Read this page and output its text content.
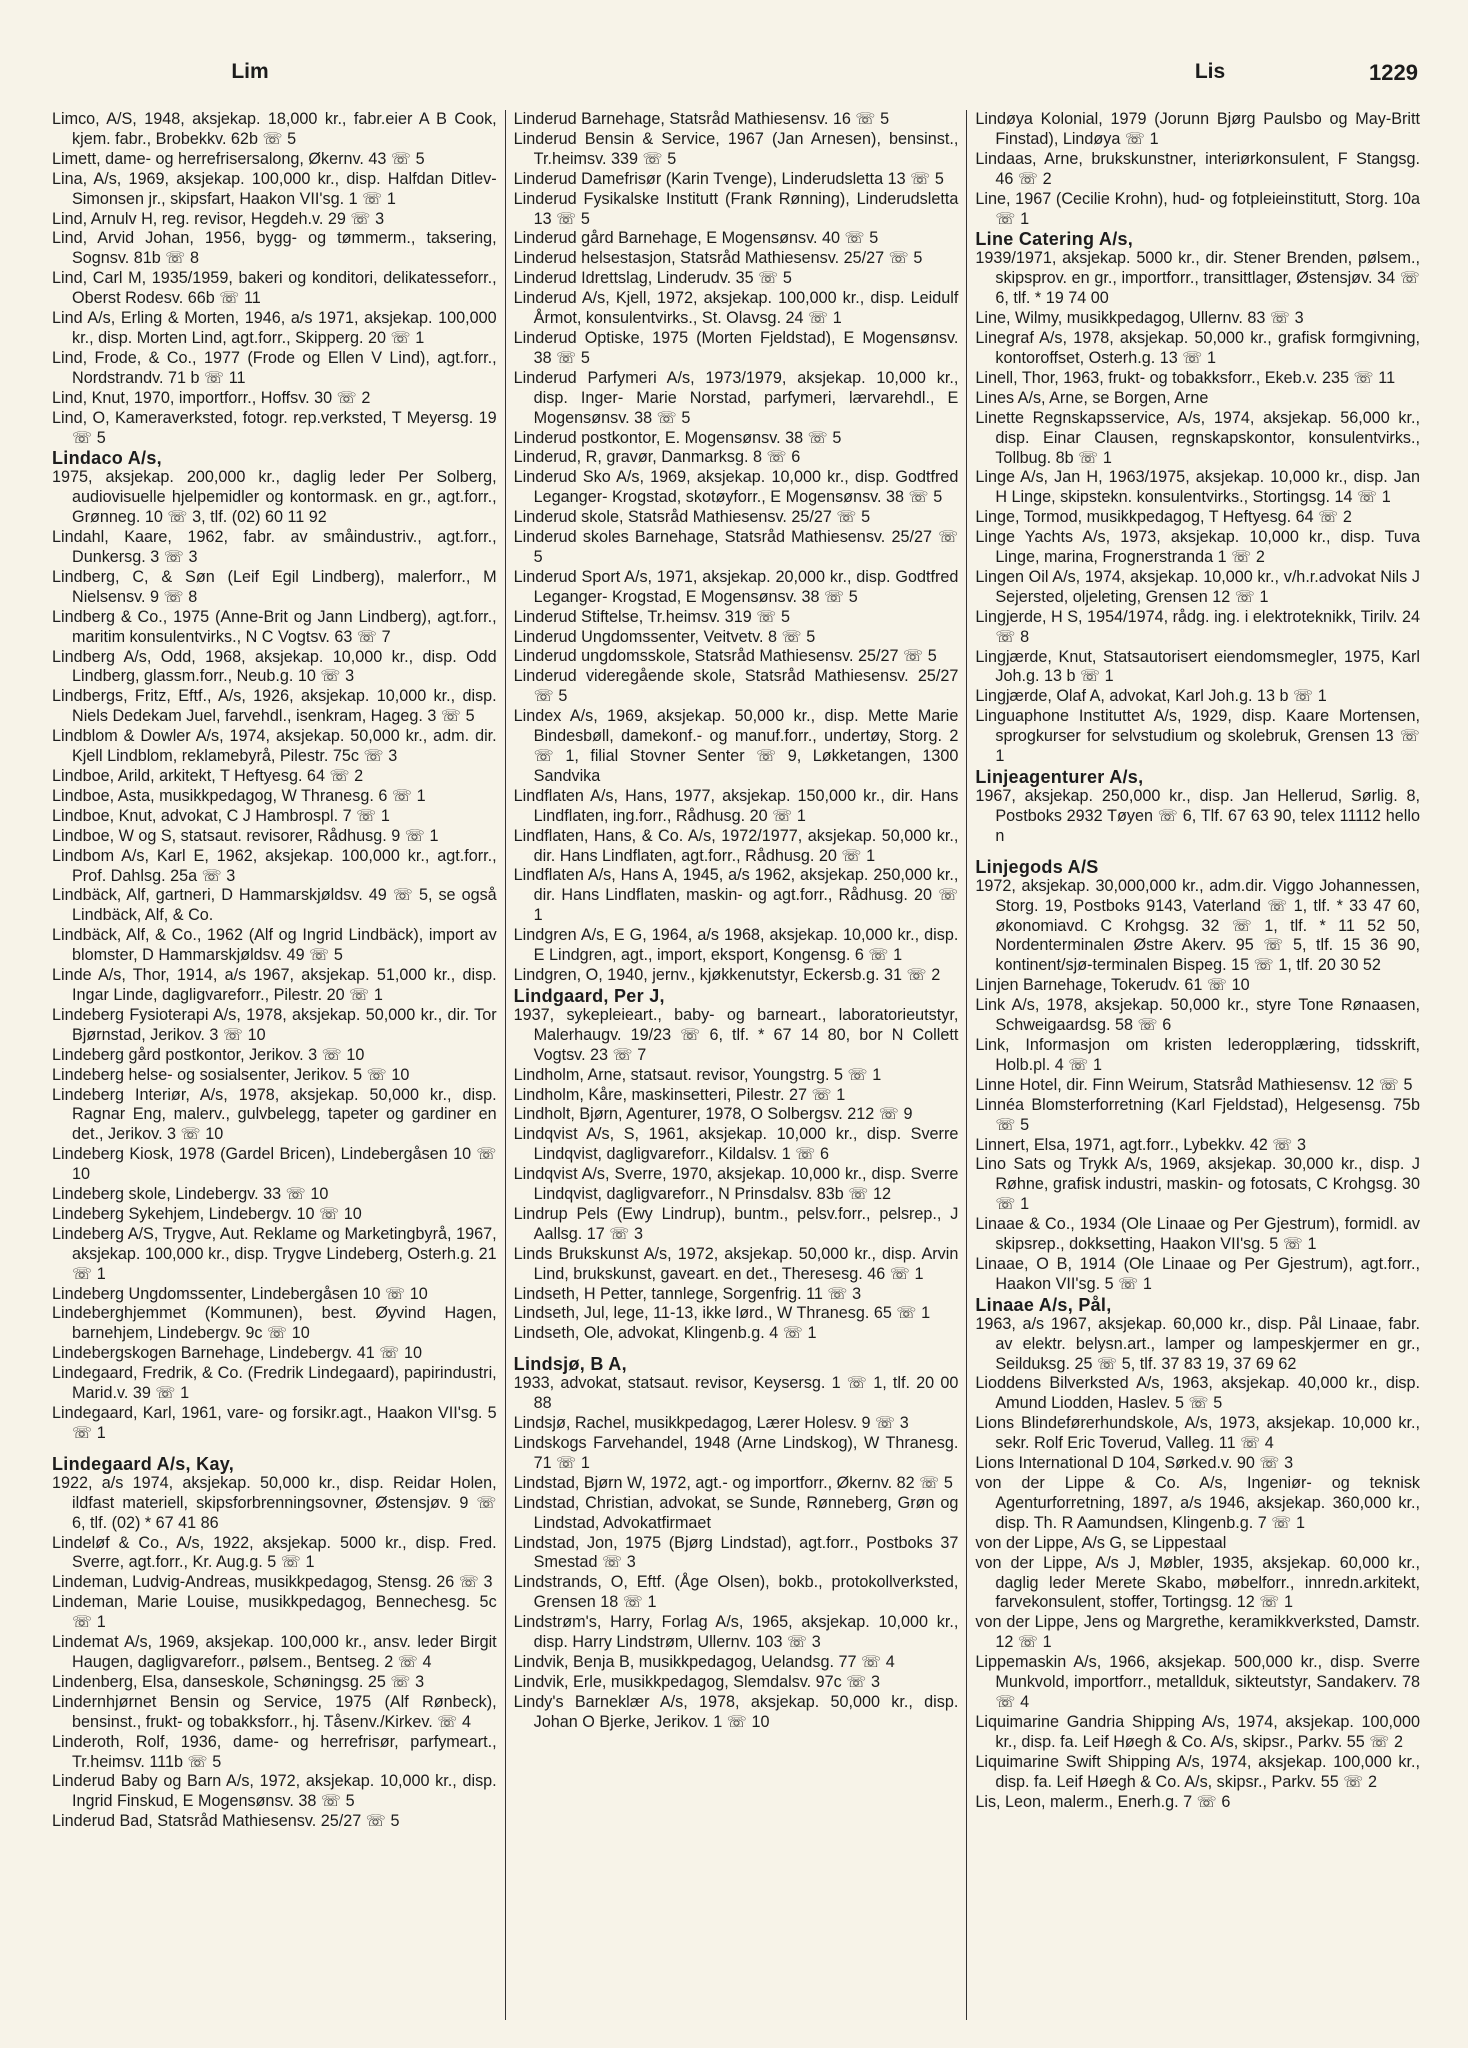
Lim	Lis	1229
Limco, A/S, 1948, aksjekap. 18,000 kr., fabr.eier A B Cook, kjem. fabr., Brobekkv. 62b ☏ 5
Limett, dame- og herrefrisersalong, Økernv. 43 ☏ 5
Lina, A/s, 1969, aksjekap. 100,000 kr., disp. Halfdan Ditlev-Simonsen jr., skipsfart, Haakon VII'sg. 1 ☏ 1
Lind, Arnulv H, reg. revisor, Hegdeh.v. 29 ☏ 3
Lind, Arvid Johan, 1956, bygg- og tømmerm., taksering, Sognsv. 81b ☏ 8
Lind, Carl M, 1935/1959, bakeri og konditori, delikatesseforr., Oberst Rodesv. 66b ☏ 11
Lind A/s, Erling & Morten, 1946, a/s 1971, aksjekap. 100,000 kr., disp. Morten Lind, agt.forr., Skipperg. 20 ☏ 1
Lind, Frode, & Co., 1977 (Frode og Ellen V Lind), agt.forr., Nordstrandv. 71 b ☏ 11
Lind, Knut, 1970, importforr., Hoffsv. 30 ☏ 2
Lind, O, Kameraverksted, fotogr. rep.verksted, T Meyersg. 19 ☏ 5
Lindaco A/s,
1975, aksjekap. 200,000 kr., daglig leder Per Solberg, audiovisuelle hjelpemidler og kontormask. en gr., agt.forr., Grønneg. 10 ☏ 3, tlf. (02) 60 11 92
Lindahl, Kaare, 1962, fabr. av småindustriv., agt.forr., Dunkersg. 3 ☏ 3
Lindberg, C, & Søn (Leif Egil Lindberg), malerforr., M Nielsensv. 9 ☏ 8
Lindberg & Co., 1975 (Anne-Brit og Jann Lindberg), agt.forr., maritim konsulentvirks., N C Vogtsv. 63 ☏ 7
Lindberg A/s, Odd, 1968, aksjekap. 10,000 kr., disp. Odd Lindberg, glassm.forr., Neub.g. 10 ☏ 3
Lindbergs, Fritz, Eftf., A/s, 1926, aksjekap. 10,000 kr., disp. Niels Dedekam Juel, farvehdl., isenkram, Hageg. 3 ☏ 5
Lindblom & Dowler A/s, 1974, aksjekap. 50,000 kr., adm. dir. Kjell Lindblom, reklamebyrå, Pilestr. 75c ☏ 3
Lindboe, Arild, arkitekt, T Heftyesg. 64 ☏ 2
Lindboe, Asta, musikkpedagog, W Thranesg. 6 ☏ 1
Lindboe, Knut, advokat, C J Hambrospl. 7 ☏ 1
Lindboe, W og S, statsaut. revisorer, Rådhusg. 9 ☏ 1
Lindbom A/s, Karl E, 1962, aksjekap. 100,000 kr., agt.forr., Prof. Dahlsg. 25a ☏ 3
Lindbäck, Alf, gartneri, D Hammarskjøldsv. 49 ☏ 5, se også Lindbäck, Alf, & Co.
Lindbäck, Alf, & Co., 1962 (Alf og Ingrid Lindbäck), import av blomster, D Hammarskjøldsv. 49 ☏ 5
Linde A/s, Thor, 1914, a/s 1967, aksjekap. 51,000 kr., disp. Ingar Linde, dagligvareforr., Pilestr. 20 ☏ 1
Lindeberg Fysioterapi A/s, 1978, aksjekap. 50,000 kr., dir. Tor Bjørnstad, Jerikov. 3 ☏ 10
Lindeberg gård postkontor, Jerikov. 3 ☏ 10
Lindeberg helse- og sosialsenter, Jerikov. 5 ☏ 10
Lindeberg Interiør, A/s, 1978, aksjekap. 50,000 kr., disp. Ragnar Eng, malerv., gulvbelegg, tapeter og gardiner en det., Jerikov. 3 ☏ 10
Lindeberg Kiosk, 1978 (Gardel Bricen), Lindebergåsen 10 ☏ 10
Lindeberg skole, Lindebergv. 33 ☏ 10
Lindeberg Sykehjem, Lindebergv. 10 ☏ 10
Lindeberg A/S, Trygve, Aut. Reklame og Marketingbyrå, 1967, aksjekap. 100,000 kr., disp. Trygve Lindeberg, Osterh.g. 21 ☏ 1
Lindeberg Ungdomssenter, Lindebergåsen 10 ☏ 10
Lindeberghjemmet (Kommunen), best. Øyvind Hagen, barnehjem, Lindebergv. 9c ☏ 10
Lindebergskogen Barnehage, Lindebergv. 41 ☏ 10
Lindegaard, Fredrik, & Co. (Fredrik Lindegaard), papirindustri, Marid.v. 39 ☏ 1
Lindegaard, Karl, 1961, vare- og forsikr.agt., Haakon VII'sg. 5 ☏ 1
Lindegaard A/s, Kay,
1922, a/s 1974, aksjekap. 50,000 kr., disp. Reidar Holen, ildfast materiell, skipsforbrenningsovner, Østensjøv. 9 ☏ 6, tlf. (02) * 67 41 86
Lindeløf & Co., A/s, 1922, aksjekap. 5000 kr., disp. Fred. Sverre, agt.forr., Kr. Aug.g. 5 ☏ 1
Lindeman, Ludvig-Andreas, musikkpedagog, Stensg. 26 ☏ 3
Lindeman, Marie Louise, musikkpedagog, Bennechesg. 5c ☏ 1
Lindemat A/s, 1969, aksjekap. 100,000 kr., ansv. leder Birgit Haugen, dagligvareforr., pølsem., Bentseg. 2 ☏ 4
Lindenberg, Elsa, danseskole, Schøningsg. 25 ☏ 3
Lindernhjørnet Bensin og Service, 1975 (Alf Rønbeck), bensinst., frukt- og tobakksforr., hj. Tåsenv./Kirkev. ☏ 4
Linderoth, Rolf, 1936, dame- og herrefrisør, parfymeart., Tr.heimsv. 111b ☏ 5
Linderud Baby og Barn A/s, 1972, aksjekap. 10,000 kr., disp. Ingrid Finskud, E Mogensønsv. 38 ☏ 5
Linderud Bad, Statsråd Mathiesensv. 25/27 ☏ 5
Linderud Barnehage, Statsråd Mathiesensv. 16 ☏ 5
Linderud Bensin & Service, 1967 (Jan Arnesen), bensinst., Tr.heimsv. 339 ☏ 5
Linderud Damefrisør (Karin Tvenge), Linderudsletta 13 ☏ 5
Linderud Fysikalske Institutt (Frank Rønning), Linderudsletta 13 ☏ 5
Linderud gård Barnehage, E Mogensønsv. 40 ☏ 5
Linderud helsestasjon, Statsråd Mathiesensv. 25/27 ☏ 5
Linderud Idrettslag, Linderudv. 35 ☏ 5
Linderud A/s, Kjell, 1972, aksjekap. 100,000 kr., disp. Leidulf Årmot, konsulentvirks., St. Olavsg. 24 ☏ 1
Linderud Optiske, 1975 (Morten Fjeldstad), E Mogensønsv. 38 ☏ 5
Linderud Parfymeri A/s, 1973/1979, aksjekap. 10,000 kr., disp. Inger- Marie Norstad, parfymeri, lærvarehdl., E Mogensønsv. 38 ☏ 5
Linderud postkontor, E. Mogensønsv. 38 ☏ 5
Linderud, R, gravør, Danmarksg. 8 ☏ 6
Linderud Sko A/s, 1969, aksjekap. 10,000 kr., disp. Godtfred Leganger- Krogstad, skotøyforr., E Mogensønsv. 38 ☏ 5
Linderud skole, Statsråd Mathiesensv. 25/27 ☏ 5
Linderud skoles Barnehage, Statsråd Mathiesensv. 25/27 ☏ 5
Linderud Sport A/s, 1971, aksjekap. 20,000 kr., disp. Godtfred Leganger- Krogstad, E Mogensønsv. 38 ☏ 5
Linderud Stiftelse, Tr.heimsv. 319 ☏ 5
Linderud Ungdomssenter, Veitvetv. 8 ☏ 5
Linderud ungdomsskole, Statsråd Mathiesensv. 25/27 ☏ 5
Linderud videregående skole, Statsråd Mathiesensv. 25/27 ☏ 5
Lindex A/s, 1969, aksjekap. 50,000 kr., disp. Mette Marie Bindesbøll, damekonf.- og manuf.forr., undertøy, Storg. 2 ☏ 1, filial Stovner Senter ☏ 9, Løkketangen, 1300 Sandvika
Lindflaten A/s, Hans, 1977, aksjekap. 150,000 kr., dir. Hans Lindflaten, ing.forr., Rådhusg. 20 ☏ 1
Lindflaten, Hans, & Co. A/s, 1972/1977, aksjekap. 50,000 kr., dir. Hans Lindflaten, agt.forr., Rådhusg. 20 ☏ 1
Lindflaten A/s, Hans A, 1945, a/s 1962, aksjekap. 250,000 kr., dir. Hans Lindflaten, maskin- og agt.forr., Rådhusg. 20 ☏ 1
Lindgren A/s, E G, 1964, a/s 1968, aksjekap. 10,000 kr., disp. E Lindgren, agt., import, eksport, Kongensg. 6 ☏ 1
Lindgren, O, 1940, jernv., kjøkkenutstyr, Eckersb.g. 31 ☏ 2
Lindgaard, Per J,
1937, sykepleieart., baby- og barneart., laboratorieutstyr, Malerhaugv. 19/23 ☏ 6, tlf. * 67 14 80, bor N Collett Vogtsv. 23 ☏ 7
Lindholm, Arne, statsaut. revisor, Youngstrg. 5 ☏ 1
Lindholm, Kåre, maskinsetteri, Pilestr. 27 ☏ 1
Lindholt, Bjørn, Agenturer, 1978, O Solbergsv. 212 ☏ 9
Lindqvist A/s, S, 1961, aksjekap. 10,000 kr., disp. Sverre Lindqvist, dagligvareforr., Kildalsv. 1 ☏ 6
Lindqvist A/s, Sverre, 1970, aksjekap. 10,000 kr., disp. Sverre Lindqvist, dagligvareforr., N Prinsdalsv. 83b ☏ 12
Lindrup Pels (Ewy Lindrup), buntm., pelsv.forr., pelsrep., J Aallsg. 17 ☏ 3
Linds Brukskunst A/s, 1972, aksjekap. 50,000 kr., disp. Arvin Lind, brukskunst, gaveart. en det., Theresesg. 46 ☏ 1
Lindseth, H Petter, tannlege, Sorgenfrig. 11 ☏ 3
Lindseth, Jul, lege, 11-13, ikke lørd., W Thranesg. 65 ☏ 1
Lindseth, Ole, advokat, Klingenb.g. 4 ☏ 1
Lindsjø, B A,
1933, advokat, statsaut. revisor, Keysersg. 1 ☏ 1, tlf. 20 00 88
Lindsjø, Rachel, musikkpedagog, Lærer Holesv. 9 ☏ 3
Lindskogs Farvehandel, 1948 (Arne Lindskog), W Thranesg. 71 ☏ 1
Lindstad, Bjørn W, 1972, agt.- og importforr., Økernv. 82 ☏ 5
Lindstad, Christian, advokat, se Sunde, Rønneberg, Grøn og Lindstad, Advokatfirmaet
Lindstad, Jon, 1975 (Bjørg Lindstad), agt.forr., Postboks 37 Smestad ☏ 3
Lindstrands, O, Eftf. (Åge Olsen), bokb., protokollverksted, Grensen 18 ☏ 1
Lindstrøm's, Harry, Forlag A/s, 1965, aksjekap. 10,000 kr., disp. Harry Lindstrøm, Ullernv. 103 ☏ 3
Lindvik, Benja B, musikkpedagog, Uelandsg. 77 ☏ 4
Lindvik, Erle, musikkpedagog, Slemdalsv. 97c ☏ 3
Lindy's Barneklær A/s, 1978, aksjekap. 50,000 kr., disp. Johan O Bjerke, Jerikov. 1 ☏ 10
Lindøya Kolonial, 1979 (Jorunn Bjørg Paulsbo og May-Britt Finstad), Lindøya ☏ 1
Lindaas, Arne, brukskunstner, interiørkonsulent, F Stangsg. 46 ☏ 2
Line, 1967 (Cecilie Krohn), hud- og fotpleieinstitutt, Storg. 10a ☏ 1
Line Catering A/s,
1939/1971, aksjekap. 5000 kr., dir. Stener Brenden, pølsem., skipsprov. en gr., importforr., transittlager, Østensjøv. 34 ☏ 6, tlf. * 19 74 00
Line, Wilmy, musikkpedagog, Ullernv. 83 ☏ 3
Linegraf A/s, 1978, aksjekap. 50,000 kr., grafisk formgivning, kontoroffset, Osterh.g. 13 ☏ 1
Linell, Thor, 1963, frukt- og tobakksforr., Ekeb.v. 235 ☏ 11
Lines A/s, Arne, se Borgen, Arne
Linette Regnskapsservice, A/s, 1974, aksjekap. 56,000 kr., disp. Einar Clausen, regnskapskontor, konsulentvirks., Tollbug. 8b ☏ 1
Linge A/s, Jan H, 1963/1975, aksjekap. 10,000 kr., disp. Jan H Linge, skipstekn. konsulentvirks., Stortingsg. 14 ☏ 1
Linge, Tormod, musikkpedagog, T Heftyesg. 64 ☏ 2
Linge Yachts A/s, 1973, aksjekap. 10,000 kr., disp. Tuva Linge, marina, Frognerstranda 1 ☏ 2
Lingen Oil A/s, 1974, aksjekap. 10,000 kr., v/h.r.advokat Nils J Sejersted, oljeleting, Grensen 12 ☏ 1
Lingjerde, H S, 1954/1974, rådg. ing. i elektroteknikk, Tirilv. 24 ☏ 8
Lingjærde, Knut, Statsautorisert eiendomsmegler, 1975, Karl Joh.g. 13 b ☏ 1
Lingjærde, Olaf A, advokat, Karl Joh.g. 13 b ☏ 1
Linguaphone Instituttet A/s, 1929, disp. Kaare Mortensen, sprogkurser for selvstudium og skolebruk, Grensen 13 ☏ 1
Linjeagenturer A/s,
1967, aksjekap. 250,000 kr., disp. Jan Hellerud, Sørlig. 8, Postboks 2932 Tøyen ☏ 6, Tlf. 67 63 90, telex 11112 hello n
Linjegods A/S
1972, aksjekap. 30,000,000 kr., adm.dir. Viggo Johannessen, Storg. 19, Postboks 9143, Vaterland ☏ 1, tlf. * 33 47 60, økonomiavd. C Krohgsg. 32 ☏ 1, tlf. * 11 52 50, Nordenterminalen Østre Akerv. 95 ☏ 5, tlf. 15 36 90, kontinent/sjø-terminalen Bispeg. 15 ☏ 1, tlf. 20 30 52
Linjen Barnehage, Tokerudv. 61 ☏ 10
Link A/s, 1978, aksjekap. 50,000 kr., styre Tone Rønaasen, Schweigaardsg. 58 ☏ 6
Link, Informasjon om kristen lederopplæring, tidsskrift, Holb.pl. 4 ☏ 1
Linne Hotel, dir. Finn Weirum, Statsråd Mathiesensv. 12 ☏ 5
Linnéa Blomsterforretning (Karl Fjeldstad), Helgesensg. 75b ☏ 5
Linnert, Elsa, 1971, agt.forr., Lybekkv. 42 ☏ 3
Lino Sats og Trykk A/s, 1969, aksjekap. 30,000 kr., disp. J Røhne, grafisk industri, maskin- og fotosats, C Krohgsg. 30 ☏ 1
Linaae & Co., 1934 (Ole Linaae og Per Gjestrum), formidl. av skipsrep., dokksetting, Haakon VII'sg. 5 ☏ 1
Linaae, O B, 1914 (Ole Linaae og Per Gjestrum), agt.forr., Haakon VII'sg. 5 ☏ 1
Linaae A/s, Pål,
1963, a/s 1967, aksjekap. 60,000 kr., disp. Pål Linaae, fabr. av elektr. belysn.art., lamper og lampeskjermer en gr., Seilduksg. 25 ☏ 5, tlf. 37 83 19, 37 69 62
Lioddens Bilverksted A/s, 1963, aksjekap. 40,000 kr., disp. Amund Liodden, Haslev. 5 ☏ 5
Lions Blindeførerhundskole, A/s, 1973, aksjekap. 10,000 kr., sekr. Rolf Eric Toverud, Valleg. 11 ☏ 4
Lions International D 104, Sørked.v. 90 ☏ 3
von der Lippe & Co. A/s, Ingeniør- og teknisk Agenturforretning, 1897, a/s 1946, aksjekap. 360,000 kr., disp. Th. R Aamundsen, Klingenb.g. 7 ☏ 1
von der Lippe, A/s G, se Lippestaal
von der Lippe, A/s J, Møbler, 1935, aksjekap. 60,000 kr., daglig leder Merete Skabo, møbelforr., innredn.arkitekt, farvekonsulent, stoffer, Tortingsg. 12 ☏ 1
von der Lippe, Jens og Margrethe, keramikkverksted, Damstr. 12 ☏ 1
Lippemaskin A/s, 1966, aksjekap. 500,000 kr., disp. Sverre Munkvold, importforr., metallduk, sikteutstyr, Sandakerv. 78 ☏ 4
Liquimarine Gandria Shipping A/s, 1974, aksjekap. 100,000 kr., disp. fa. Leif Høegh & Co. A/s, skipsr., Parkv. 55 ☏ 2
Liquimarine Swift Shipping A/s, 1974, aksjekap. 100,000 kr., disp. fa. Leif Høegh & Co. A/s, skipsr., Parkv. 55 ☏ 2
Lis, Leon, malerm., Enerh.g. 7 ☏ 6
